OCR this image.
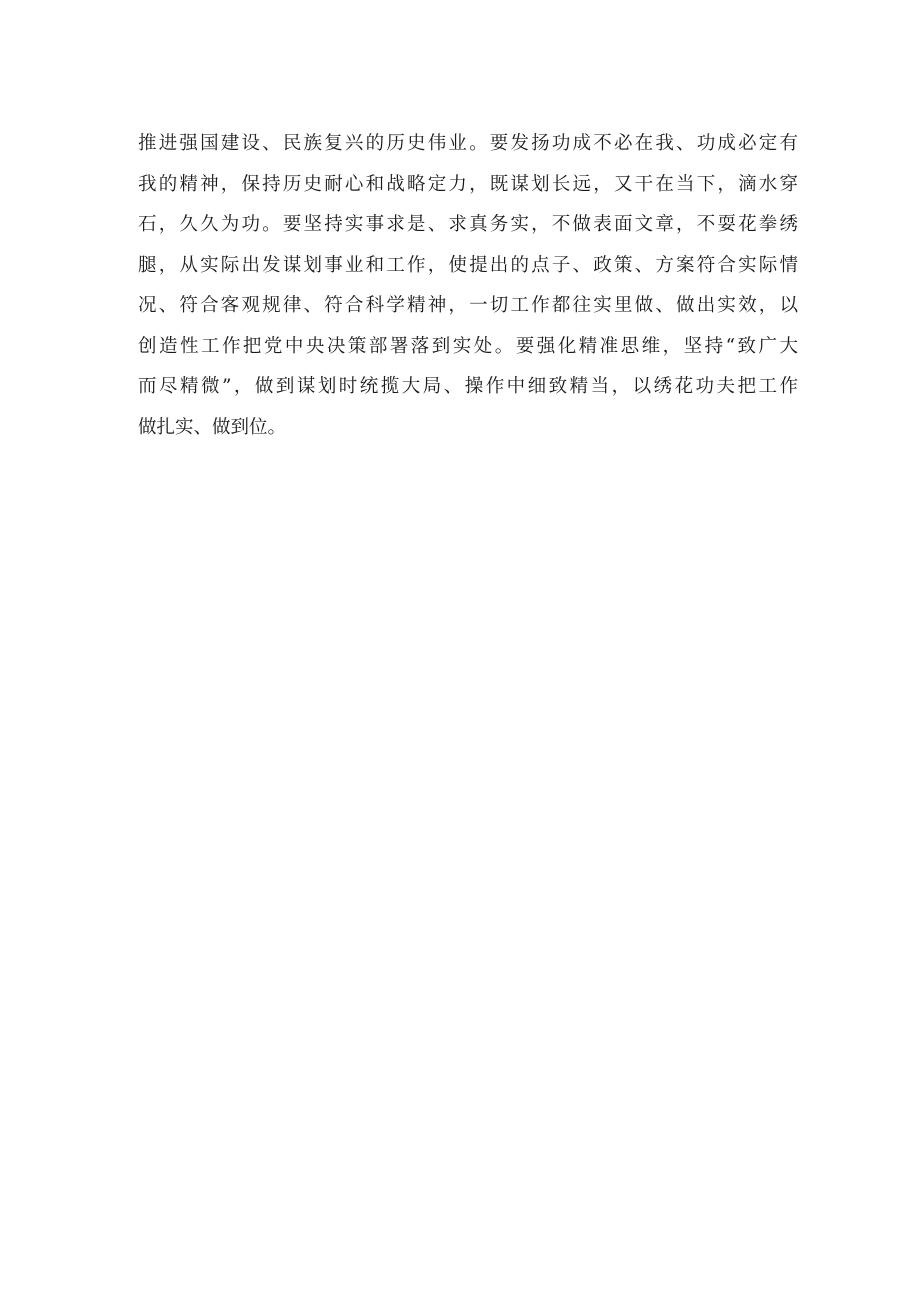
推进强国建设、民族复兴的历史伟业。要发扬功成不必在我、功成必定有
我的精神，保持历史耐心和战略定力，既谋划长远，又干在当下，滴水穿
石，久久为功。要坚持实事求是、求真务实，不做表面文章，不耍花拳绣
腿，从实际出发谋划事业和工作，使提出的点子、政策、方案符合实际情
况、符合客观规律、符合科学精神，一切工作都往实里做、做出实效，以
创造性工作把党中央决策部署落到实处。要强化精准思维，坚持“致广大
而尽精微”，做到谋划时统揽大局、操作中细致精当，以绣花功夫把工作
做扎实、做到位。
